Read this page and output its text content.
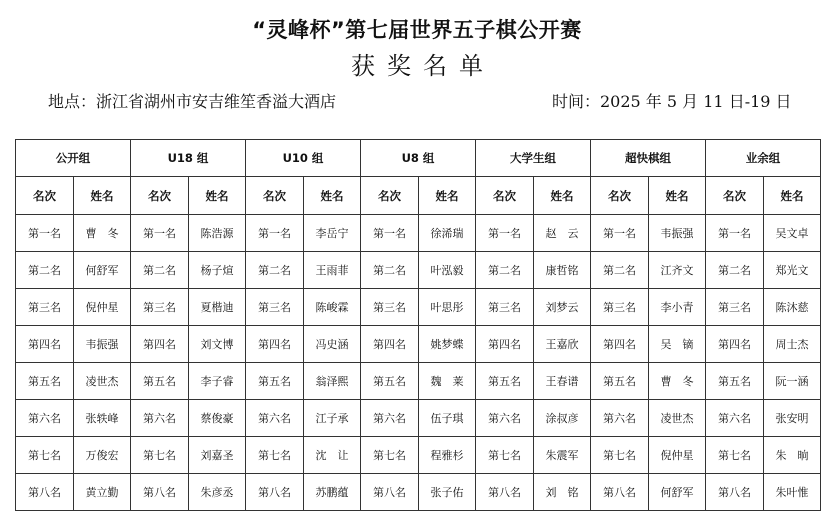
“灵峰杯”第七届世界五子棋公开赛
获奖名单
地点：浙江省湖州市安吉维笙香溢大酒店	时间：2025 年 5 月 11 日-19 日
公开组		U18 组		U10 组		U8 组		大学生组		超快棋组		业余组	
名次	姓名	名次	姓名	名次	姓名	名次	姓名	名次	姓名	名次	姓名	名次	姓名
第一名	曹　冬	第一名	陈浩源	第一名	李岳宁	第一名	徐浠瑞	第一名	赵　云	第一名	韦振强	第一名	吴文卓
第二名	何舒军	第二名	杨子煊	第二名	王雨菲	第二名	叶泓毅	第二名	康哲铭	第二名	江齐文	第二名	郑光文
第三名	倪仲星	第三名	夏楷迪	第三名	陈峻霖	第三名	叶思彤	第三名	刘梦云	第三名	李小青	第三名	陈沐慈
第四名	韦振强	第四名	刘文博	第四名	冯史涵	第四名	姚梦蝶	第四名	王嘉欣	第四名	吴　镝	第四名	周士杰
第五名	凌世杰	第五名	李子睿	第五名	翁泽熙	第五名	魏　莱	第五名	王春谱	第五名	曹　冬	第五名	阮一涵
第六名	张轶峰	第六名	蔡俊豪	第六名	江子承	第六名	伍子琪	第六名	涂叔彦	第六名	凌世杰	第六名	张安明
第七名	万俊宏	第七名	刘嘉圣	第七名	沈　让	第七名	程雅杉	第七名	朱震军	第七名	倪仲星	第七名	朱　晌
第八名	黄立勤	第八名	朱彦丞	第八名	苏鹏蕴	第八名	张子佑	第八名	刘　铭	第八名	何舒军	第八名	朱叶惟
